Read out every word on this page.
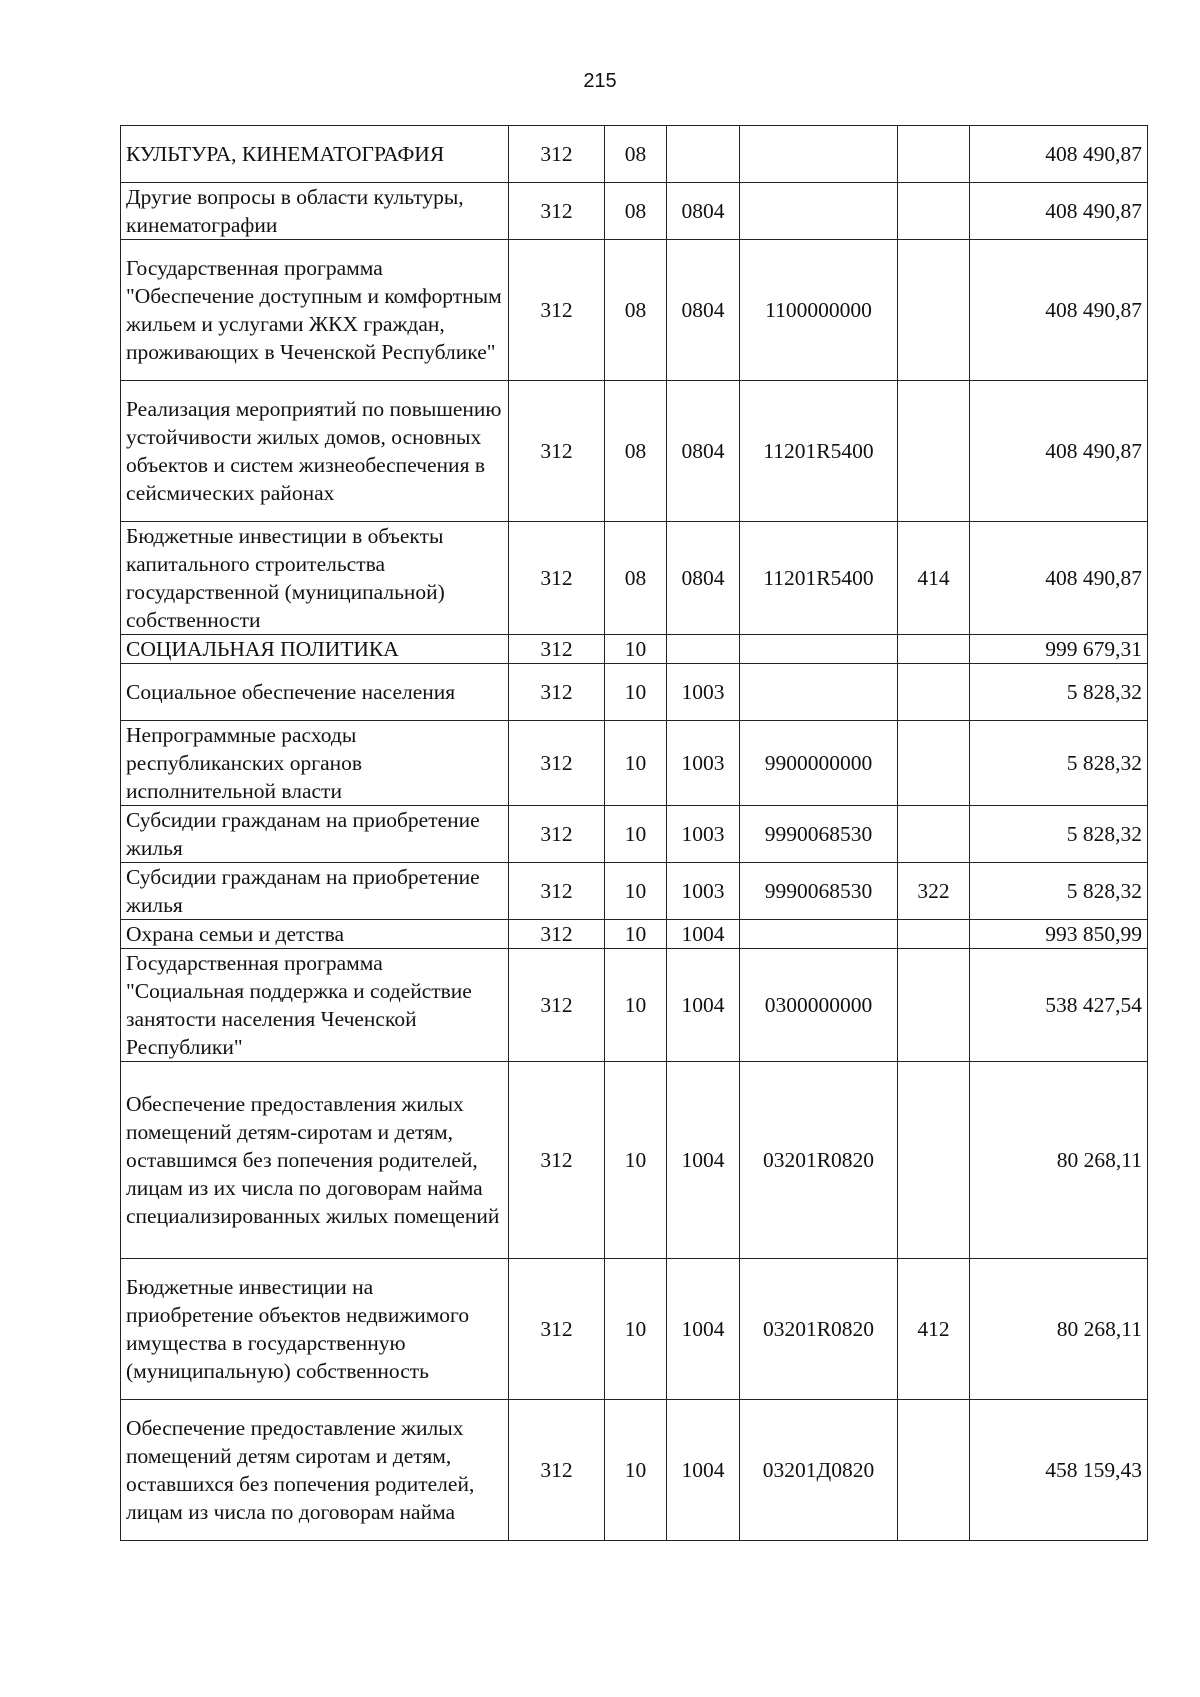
215
КУЛЬТУРА, КИНЕМАТОГРАФИЯ	312	08				408 490,87
Другие вопросы в области культуры, кинематографии	312	08	0804			408 490,87
Государственная программа "Обеспечение доступным и комфортным жильем и услугами ЖКХ граждан, проживающих в Чеченской Республике"	312	08	0804	1100000000		408 490,87
Реализация мероприятий по повышению устойчивости жилых домов, основных объектов и систем жизнеобеспечения в сейсмических районах	312	08	0804	11201R5400		408 490,87
Бюджетные инвестиции в объекты капитального строительства государственной (муниципальной) собственности	312	08	0804	11201R5400	414	408 490,87
СОЦИАЛЬНАЯ ПОЛИТИКА	312	10				999 679,31
Социальное обеспечение населения	312	10	1003			5 828,32
Непрограммные расходы республиканских органов исполнительной власти	312	10	1003	9900000000		5 828,32
Субсидии гражданам на приобретение жилья	312	10	1003	9990068530		5 828,32
Субсидии гражданам на приобретение жилья	312	10	1003	9990068530	322	5 828,32
Охрана семьи и детства	312	10	1004			993 850,99
Государственная программа "Социальная поддержка и содействие занятости населения Чеченской Республики"	312	10	1004	0300000000		538 427,54
Обеспечение предоставления жилых помещений детям-сиротам и детям, оставшимся без попечения родителей, лицам из их числа по договорам найма специализированных жилых помещений	312	10	1004	03201R0820		80 268,11
Бюджетные инвестиции на приобретение объектов недвижимого имущества в государственную (муниципальную) собственность	312	10	1004	03201R0820	412	80 268,11
Обеспечение предоставление жилых помещений детям сиротам и детям, оставшихся без попечения родителей, лицам из числа по договорам найма	312	10	1004	03201Д0820		458 159,43
